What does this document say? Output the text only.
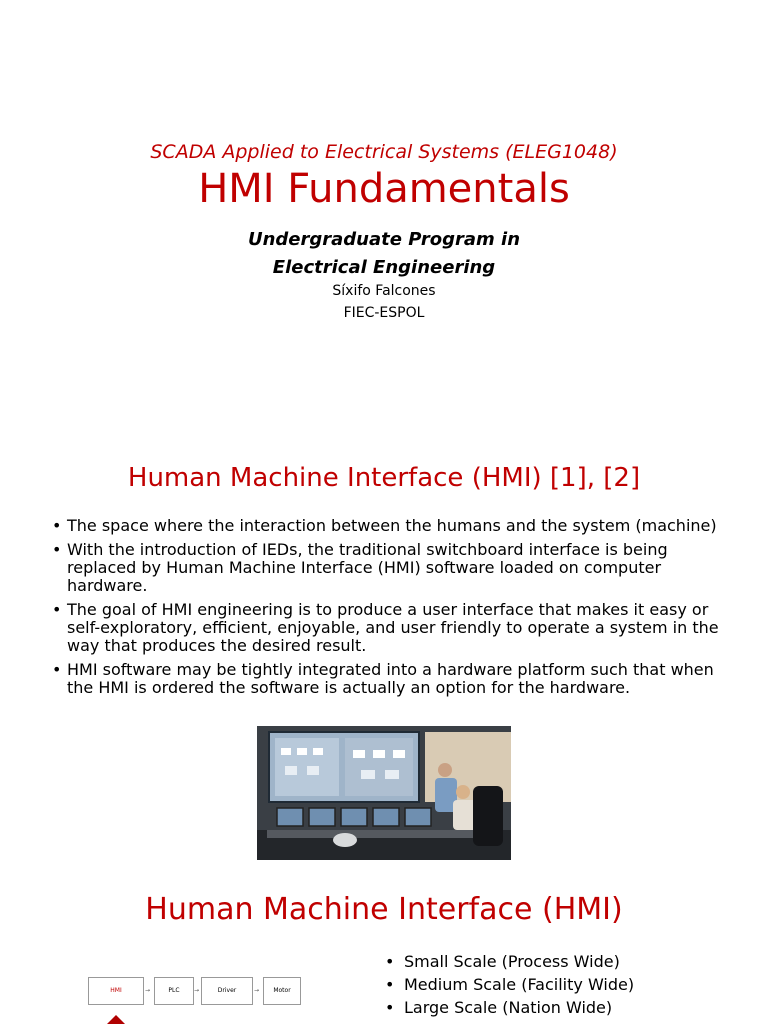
SCADA Applied to Electrical Systems (ELEG1048)
HMI Fundamentals
Undergraduate Program in
Electrical Engineering
Síxifo Falcones
FIEC-ESPOL
Human Machine Interface (HMI) [1], [2]
• The space where the interaction between the humans and the system (machine)
• With the introduction of IEDs, the traditional switchboard interface is being replaced by Human Machine Interface (HMI) software loaded on computer hardware.
• The goal of HMI engineering is to produce a user interface that makes it easy or self-exploratory, efficient, enjoyable, and user friendly to operate a system in the way that produces the desired result.
• HMI software may be tightly integrated into a hardware platform such that when the HMI is ordered the software is actually an option for the hardware.
Human Machine Interface (HMI)
• Small Scale (Process Wide)
• Medium Scale (Facility Wide)
• Large Scale (Nation Wide)
HMI	→	PLC	→	Driver	→	Motor
